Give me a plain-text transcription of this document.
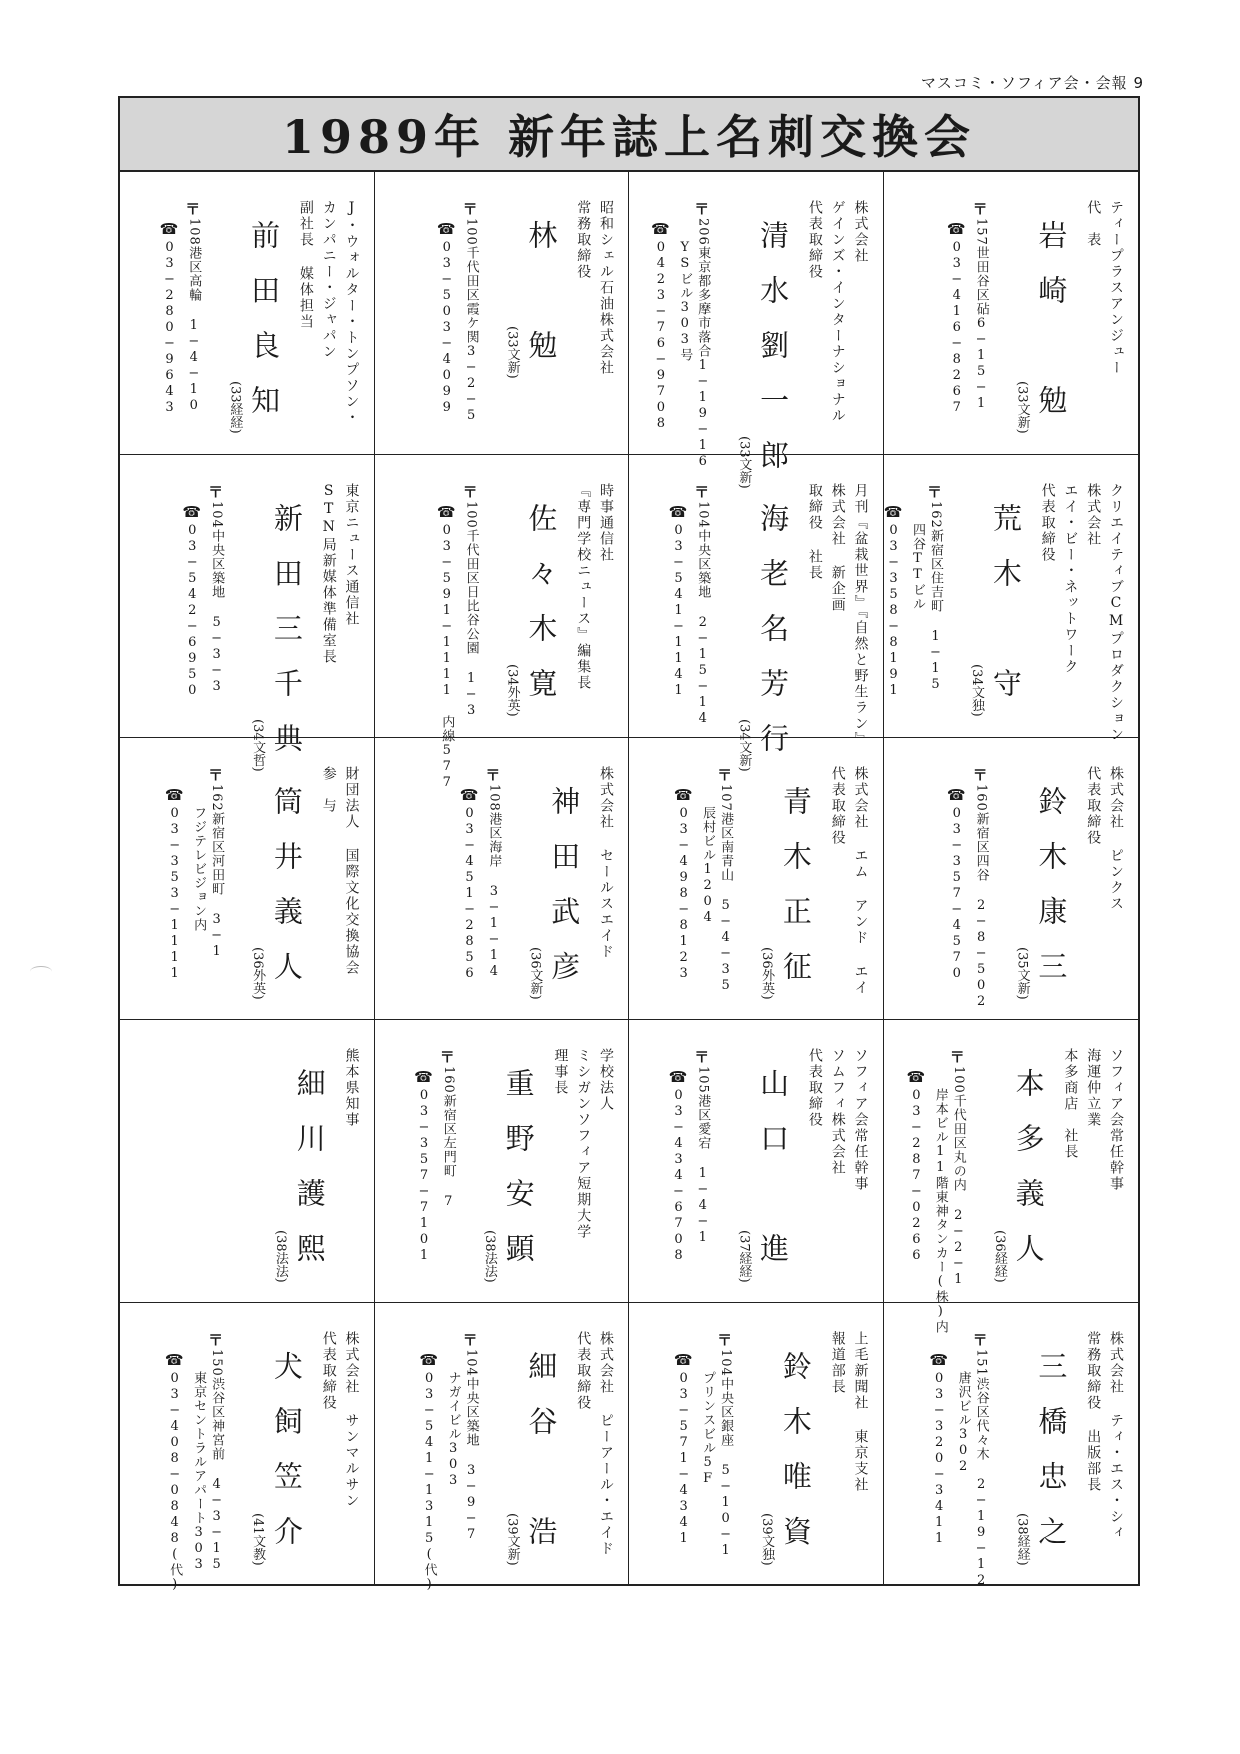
マスコミ・ソフィア会・会報 9
1989年 新年誌上名刺交換会
J・ウォルター・トンプソン・
カンパニー・ジャパン
副社長 媒体担当
前田良知
(33経経)
〒108港区高輪 1−4−10
☎
03−280−9643	昭和シェル石油株式会社
常務取締役
林　勉
(33文新)
〒100千代田区霞ケ関3−2−5
☎
03−503−4099
株式会社
ゲインズ・インターナショナル
代表取締役
清水劉一郎
(33文新)
〒206東京都多摩市落合1−19−16
YSビル303号
☎
0423−76−9708	ティープラスアンジュー
代　表
岩崎　勉
(33文新)
〒157世田谷区砧6−15−1
☎
03−416−8267
東京ニュース通信社
STN局新媒体準備室長
新田三千典
(34文哲)
〒104中央区築地 5−3−3
☎
03−542−6950	時事通信社
『専門学校ニュース』編集長
佐々木寛
(34外英)
〒100千代田区日比谷公園 1−3
☎
03−591−1111 内線577	月刊『盆栽世界』『自然と野生ラン』
株式会社 新企画
取締役 社長
海老名芳行
(34文新)
〒104中央区築地 2−15−14
☎
03−541−1141	クリエイティブCMプロダクション
株式会社
エイ・ビー・ネットワーク
代表取締役
荒木　守
(34文独)
〒162新宿区住吉町 1−15
四谷TTビル
☎
03−358−8191
財団法人 国際文化交換協会
参　与
筒井義人
(36外英)
〒162新宿区河田町 3−1
フジテレビジョン内
☎
03−353−1111	株式会社 セールスエイド
神田武彦
(36文新)
〒108港区海岸 3−1−14
☎
03−451−2856	株式会社 エム アンド エイ
代表取締役
青木正征
(36外英)
〒107港区南青山 5−4−35
辰村ビル1204
☎
03−498−8123	株式会社 ピンクス
代表取締役
鈴木康三
(35文新)
〒160新宿区四谷 2−8−502
☎
03−357−4570
熊本県知事
細川護熙
(38法法)
学校法人
ミシガンソフィア短期大学
理事長
重野安顕
(38法法)
〒160新宿区左門町 7
☎
03−357−7101	ソフィア会常任幹事
ソムフィ株式会社
代表取締役
山口　進
(37経経)
〒105港区愛宕 1−4−1
☎
03−434−6708	ソフィア会常任幹事
海運仲立業
本多商店　社長
本多義人
(36経経)
〒100千代田区丸の内 2−2−1
岸本ビル11階東神タンカー(株)内
☎
03−287−0266
株式会社 サンマルサン
代表取締役
犬飼笠介
(41文教)
〒150渋谷区神宮前 4−3−15
東京セントラルアパート303
☎
03−408−0848(代)	株式会社 ピーアール・エイド
代表取締役
細谷　浩
(39文新)
〒104中央区築地 3−9−7
ナガイビル303
☎
03−541−1315(代)	上毛新聞社 東京支社
報道部長
鈴木唯資
(39文独)
〒104中央区銀座 5−10−1
プリンスビル5F
☎
03−571−4341	株式会社 ティ・エス・シィ
常務取締役 出版部長
三橋忠之
(38経経)
〒151渋谷区代々木 2−19−12
唐沢ビル302
☎
03−320−3411
